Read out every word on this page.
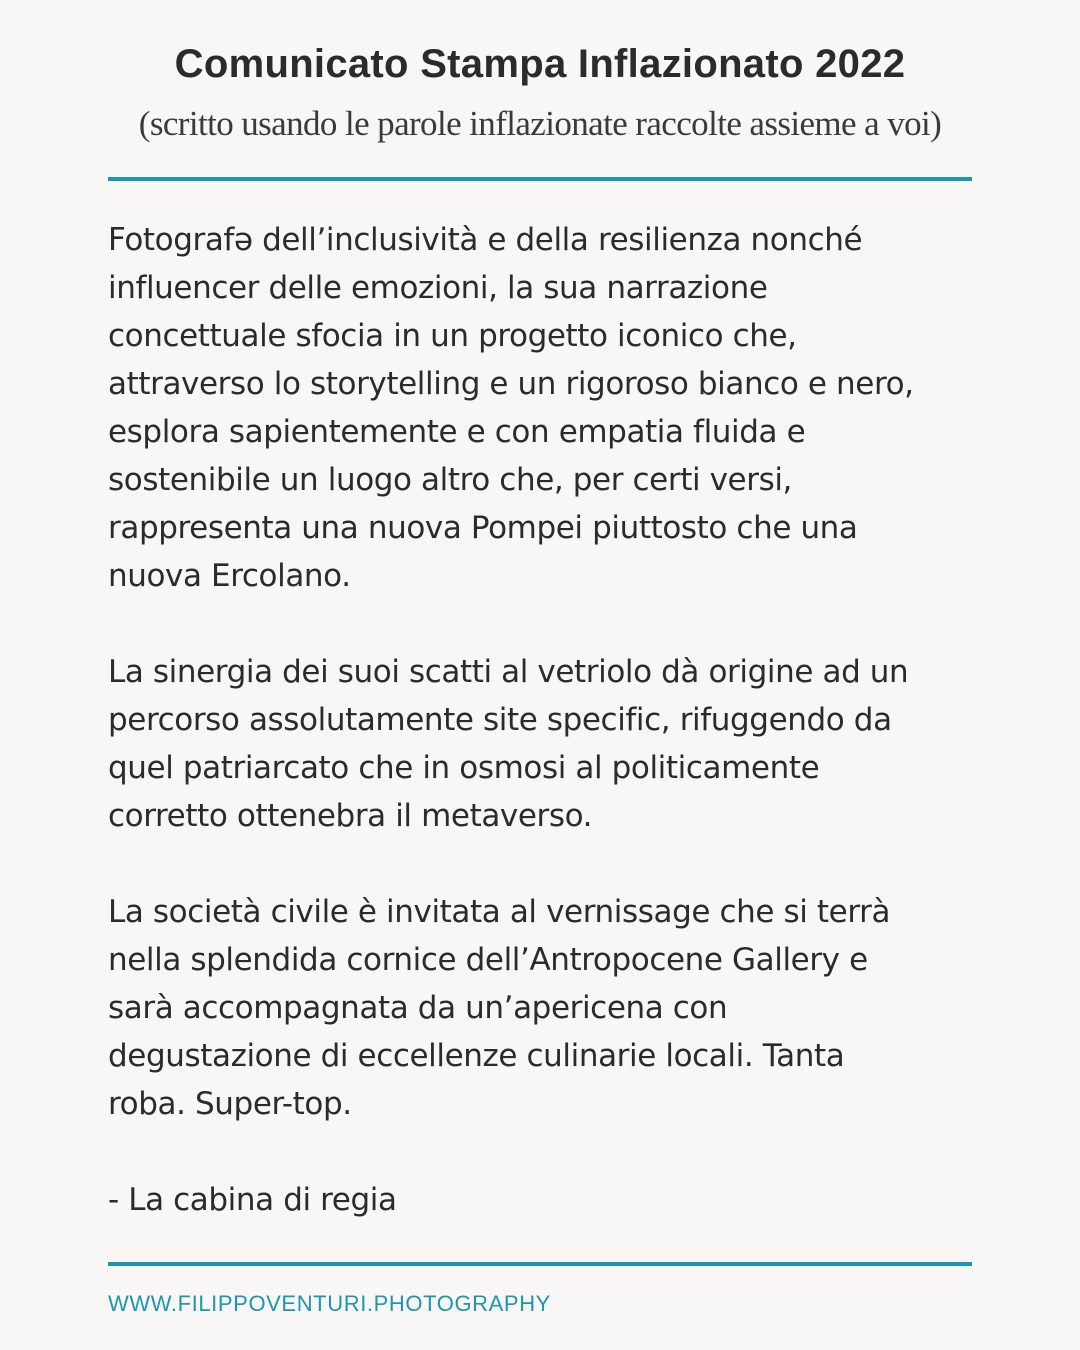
Comunicato Stampa Inflazionato 2022

(scritto usando le parole inflazionate raccolte assieme a voi)

Fotografə dell’inclusività e della resilienza nonché
influencer delle emozioni, la sua narrazione
concettuale sfocia in un progetto iconico che,
attraverso lo storytelling e un rigoroso bianco e nero,
esplora sapientemente e con empatia fluida e
sostenibile un luogo altro che, per certi versi,
rappresenta una nuova Pompei piuttosto che una
nuova Ercolano.

La sinergia dei suoi scatti al vetriolo dà origine ad un
percorso assolutamente site specific, rifuggendo da
quel patriarcato che in osmosi al politicamente
corretto ottenebra il metaverso.

La società civile è invitata al vernissage che si terrà
nella splendida cornice dell’Antropocene Gallery e
sarà accompagnata da un’apericena con
degustazione di eccellenze culinarie locali. Tanta
roba. Super-top.

- La cabina di regia

WWW.FILIPPOVENTURI.PHOTOGRAPHY
